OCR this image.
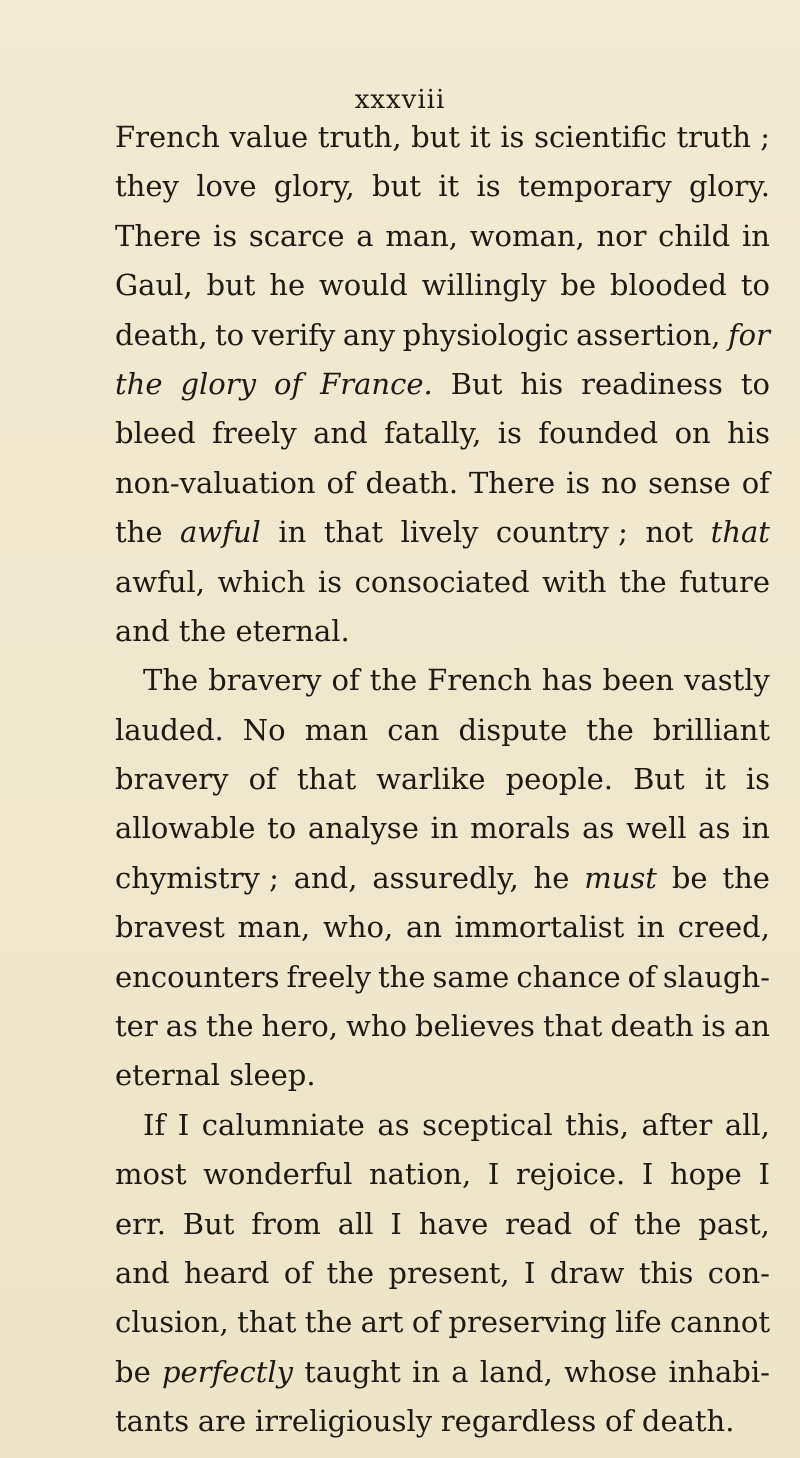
xxxviii
French value truth, but it is scientific truth ;
they love glory, but it is temporary glory.
There is scarce a man, woman, nor child in
Gaul, but he would willingly be blooded to
death, to verify any physiologic assertion, for
the glory of France. But his readiness to
bleed freely and fatally, is founded on his
non-valuation of death. There is no sense of
the awful in that lively country ; not that
awful, which is consociated with the future
and the eternal.
The bravery of the French has been vastly
lauded. No man can dispute the brilliant
bravery of that warlike people. But it is
allowable to analyse in morals as well as in
chymistry ; and, assuredly, he must be the
bravest man, who, an immortalist in creed,
encounters freely the same chance of slaugh-
ter as the hero, who believes that death is an
eternal sleep.
If I calumniate as sceptical this, after all,
most wonderful nation, I rejoice. I hope I
err. But from all I have read of the past,
and heard of the present, I draw this con-
clusion, that the art of preserving life cannot
be perfectly taught in a land, whose inhabi-
tants are irreligiously regardless of death.
